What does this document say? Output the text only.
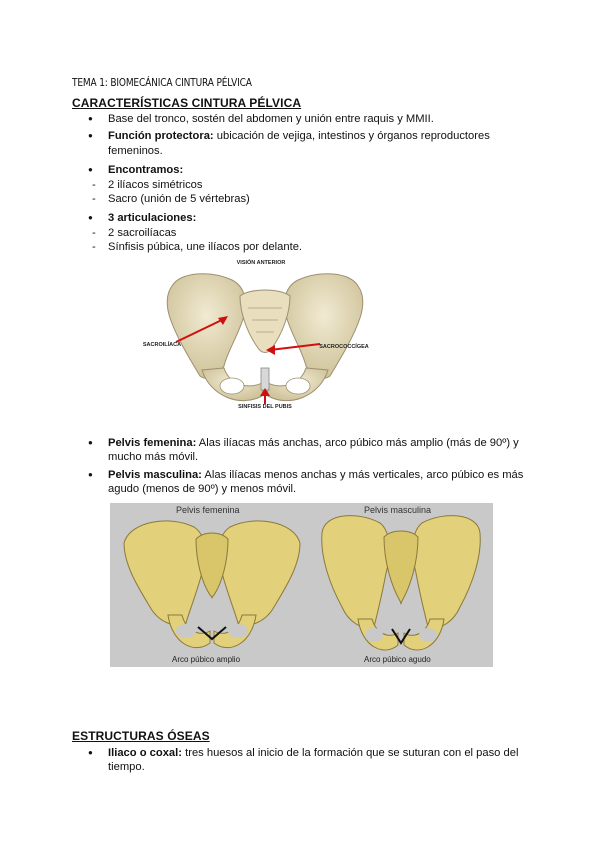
TEMA 1: BIOMECÁNICA CINTURA PÉLVICA
CARACTERÍSTICAS CINTURA PÉLVICA
● Base del tronco, sostén del abdomen y unión entre raquis y MMII.
● Función protectora: ubicación de vejiga, intestinos y órganos reproductores femeninos.
● Encontramos:
- 2 ilíacos simétricos
- Sacro (unión de 5 vértebras)
● 3 articulaciones:
- 2 sacroilíacas
- Sínfisis púbica, une ilíacos por delante.
VISIÓN ANTERIOR
SACROILÍACA	SACROCOCCÍGEA
SINFISIS DEL PUBIS
● Pelvis femenina: Alas ilíacas más anchas, arco púbico más amplio (más de 90º) y mucho más móvil.
● Pelvis masculina: Alas ilíacas menos anchas y más verticales, arco púbico es más agudo (menos de 90º) y menos móvil.
Pelvis femenina	Pelvis masculina
Arco púbico amplio	Arco púbico agudo
ESTRUCTURAS ÓSEAS
● Iliaco o coxal: tres huesos al inicio de la formación que se suturan con el paso del tiempo.
